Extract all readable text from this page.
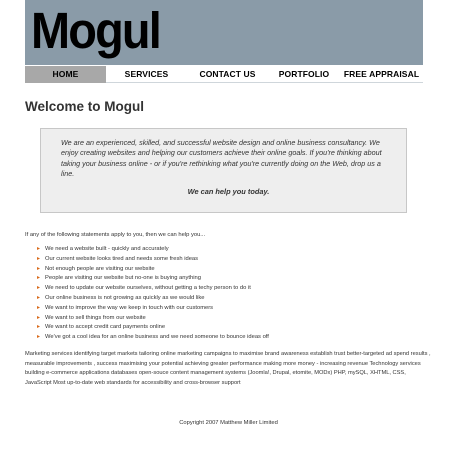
Mogul
HOME	SERVICES	CONTACT US	PORTFOLIO	FREE APPRAISAL
Welcome to Mogul

We are an experienced, skilled, and successful website design and online business consultancy. We enjoy creating websites and helping our customers achieve their online goals. If you're thinking about taking your business online - or if you're rethinking what you're currently doing on the Web, drop us a line.

We can help you today.

If any of the following statements apply to you, then we can help you...

▸ We need a website built - quickly and accurately
▸ Our current website looks tired and needs some fresh ideas
▸ Not enough people are visiting our website
▸ People are visiting our website but no-one is buying anything
▸ We need to update our website ourselves, without getting a techy person to do it
▸ Our online business is not growing as quickly as we would like
▸ We want to improve the way we keep in touch with our customers
▸ We want to sell things from our website
▸ We want to accept credit card payments online
▸ We've got a cool idea for an online business and we need someone to bounce ideas off

Marketing services identifying target markets tailoring online marketing campaigns to maximise brand awareness establish trust better-targeted ad spend results , measurable improvements , success maximising your potential achieving greater performance making more money - increasing revenue Technology services building e-commerce applications databases open-souce content management systems (Joomla!, Drupal, etomite, MODx) PHP, mySQL, XHTML, CSS, JavaScript Most up-to-date web standards for accessibility and cross-browser support

Copyright 2007 Matthew Miller Limited
